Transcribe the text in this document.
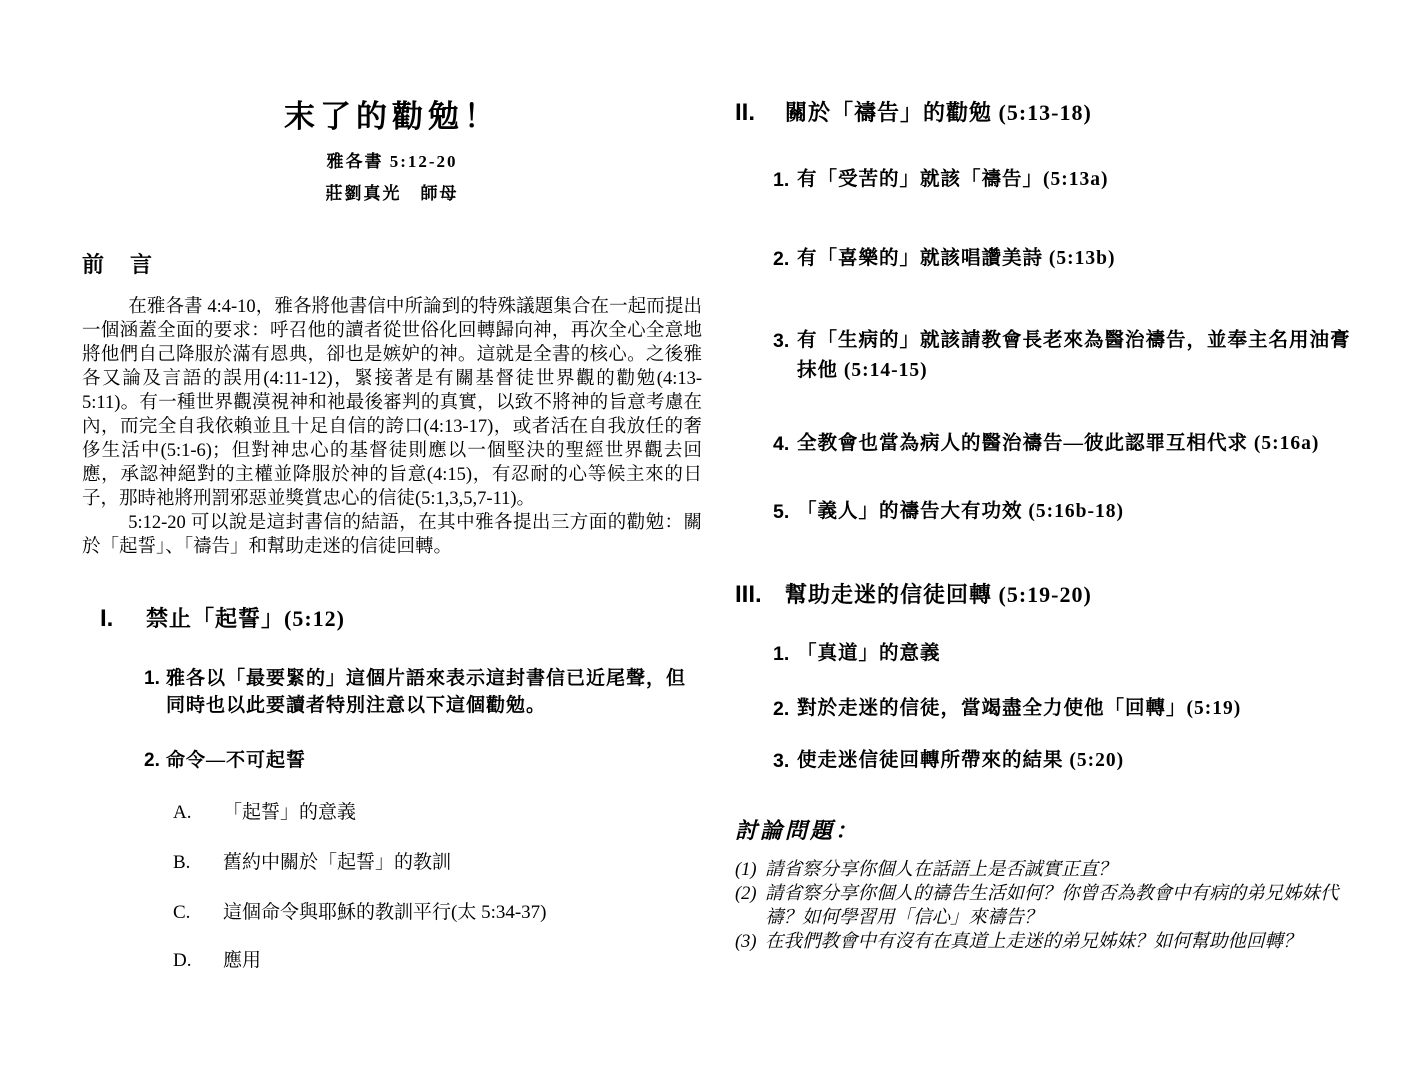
末了的勸勉！
雅各書 5:12-20
莊劉真光　師母
前　言

在雅各書 4:4-10，雅各將他書信中所論到的特殊議題集合在一起而提出一個涵蓋全面的要求：呼召他的讀者從世俗化回轉歸向神，再次全心全意地將他們自己降服於滿有恩典，卻也是嫉妒的神。這就是全書的核心。之後雅各又論及言語的誤用(4:11-12)，緊接著是有關基督徒世界觀的勸勉(4:13-5:11)。有一種世界觀漠視神和祂最後審判的真實，以致不將神的旨意考慮在內，而完全自我依賴並且十足自信的誇口(4:13-17)，或者活在自我放任的奢侈生活中(5:1-6)；但對神忠心的基督徒則應以一個堅決的聖經世界觀去回應，承認神絕對的主權並降服於神的旨意(4:15)，有忍耐的心等候主來的日子，那時祂將刑罰邪惡並獎賞忠心的信徒(5:1,3,5,7-11)。

5:12-20 可以說是這封書信的結語，在其中雅各提出三方面的勸勉：關於「起誓」、「禱告」和幫助走迷的信徒回轉。

I.	禁止「起誓」(5:12)
1. 雅各以「最要緊的」這個片語來表示這封書信已近尾聲，但同時也以此要讀者特別注意以下這個勸勉。
2. 命令—不可起誓
A.	「起誓」的意義
B.	舊約中關於「起誓」的教訓
C.	這個命令與耶穌的教訓平行(太 5:34-37)
D.	應用
II.	關於「禱告」的勸勉 (5:13-18)
1. 有「受苦的」就該「禱告」(5:13a)
2. 有「喜樂的」就該唱讚美詩 (5:13b)
3. 有「生病的」就該請教會長老來為醫治禱告，並奉主名用油膏抹他 (5:14-15)
4. 全教會也當為病人的醫治禱告—彼此認罪互相代求 (5:16a)
5. 「義人」的禱告大有功效 (5:16b-18)
III.	幫助走迷的信徒回轉 (5:19-20)
1. 「真道」的意義
2. 對於走迷的信徒，當竭盡全力使他「回轉」(5:19)
3. 使走迷信徒回轉所帶來的結果 (5:20)
討論問題：
(1) 請省察分享你個人在話語上是否誠實正直？
(2) 請省察分享你個人的禱告生活如何？你曾否為教會中有病的弟兄姊妹代禱？如何學習用「信心」來禱告？
(3) 在我們教會中有沒有在真道上走迷的弟兄姊妹？如何幫助他回轉？
